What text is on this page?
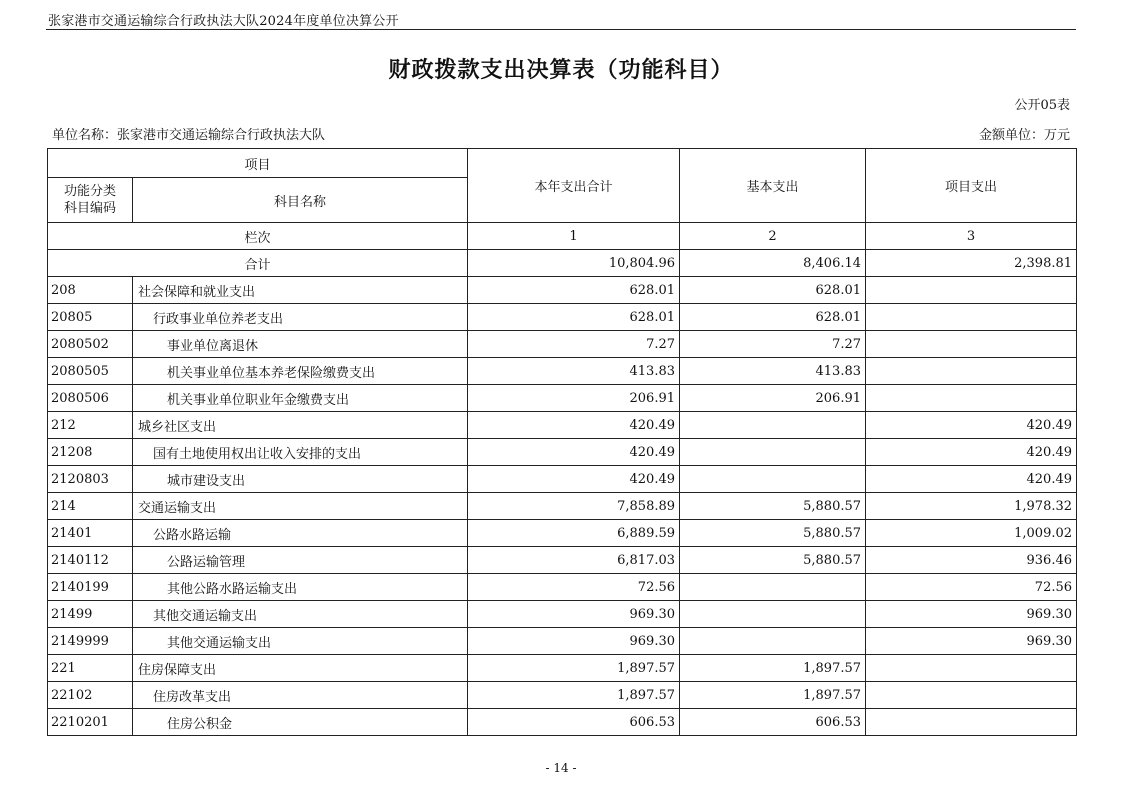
张家港市交通运输综合行政执法大队2024年度单位决算公开
财政拨款支出决算表（功能科目）
公开05表
单位名称：张家港市交通运输综合行政执法大队	金额单位：万元
项目		本年支出合计	基本支出	项目支出
功能分类
科目编码	科目名称			
栏次		1	2	3
合计		10,804.96	8,406.14	2,398.81
208	社会保障和就业支出	628.01	628.01	
20805	行政事业单位养老支出	628.01	628.01	
2080502	事业单位离退休	7.27	7.27	
2080505	机关事业单位基本养老保险缴费支出	413.83	413.83	
2080506	机关事业单位职业年金缴费支出	206.91	206.91	
212	城乡社区支出	420.49		420.49
21208	国有土地使用权出让收入安排的支出	420.49		420.49
2120803	城市建设支出	420.49		420.49
214	交通运输支出	7,858.89	5,880.57	1,978.32
21401	公路水路运输	6,889.59	5,880.57	1,009.02
2140112	公路运输管理	6,817.03	5,880.57	936.46
2140199	其他公路水路运输支出	72.56		72.56
21499	其他交通运输支出	969.30		969.30
2149999	其他交通运输支出	969.30		969.30
221	住房保障支出	1,897.57	1,897.57	
22102	住房改革支出	1,897.57	1,897.57	
2210201	住房公积金	606.53	606.53	
- 14 -
